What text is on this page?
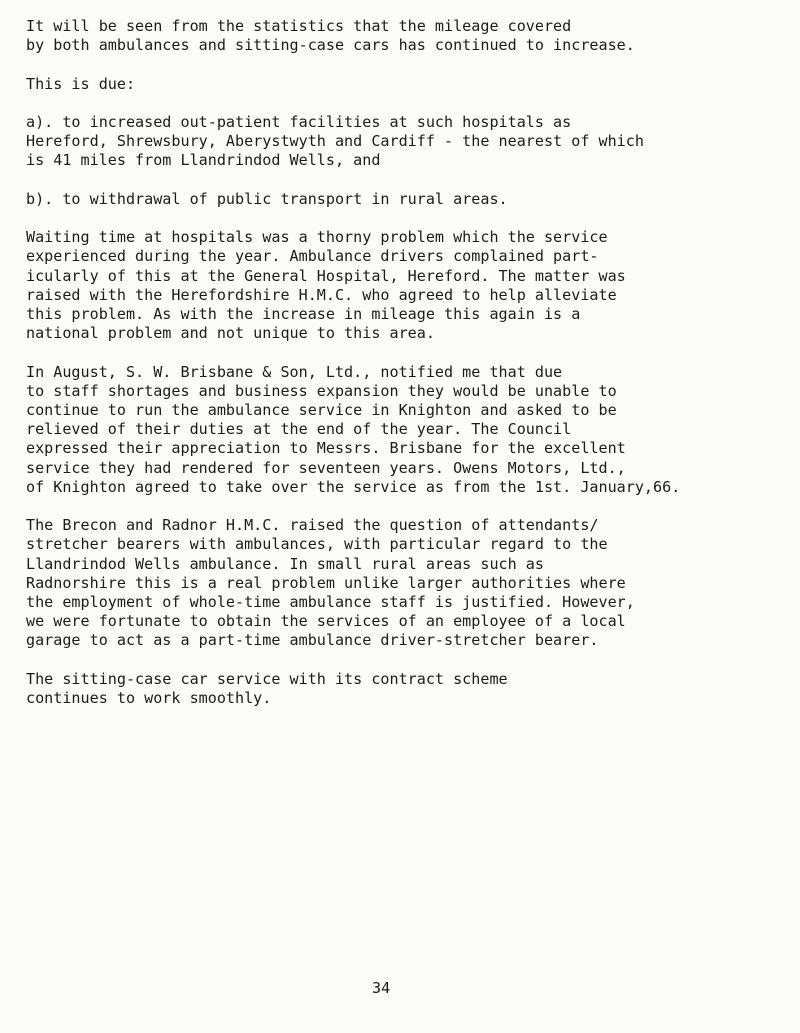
It will be seen from the statistics that the mileage covered
by both ambulances and sitting-case cars has continued to increase.

This is due:

a). to increased out-patient facilities at such hospitals as
Hereford, Shrewsbury, Aberystwyth and Cardiff - the nearest of which
is 41 miles from Llandrindod Wells, and

b). to withdrawal of public transport in rural areas.

Waiting time at hospitals was a thorny problem which the service
experienced during the year. Ambulance drivers complained part-
icularly of this at the General Hospital, Hereford. The matter was
raised with the Herefordshire H.M.C. who agreed to help alleviate
this problem. As with the increase in mileage this again is a
national problem and not unique to this area.

In August, S. W. Brisbane & Son, Ltd., notified me that due
to staff shortages and business expansion they would be unable to
continue to run the ambulance service in Knighton and asked to be
relieved of their duties at the end of the year. The Council
expressed their appreciation to Messrs. Brisbane for the excellent
service they had rendered for seventeen years. Owens Motors, Ltd.,
of Knighton agreed to take over the service as from the 1st. January,66.

The Brecon and Radnor H.M.C. raised the question of attendants/
stretcher bearers with ambulances, with particular regard to the
Llandrindod Wells ambulance. In small rural areas such as
Radnorshire this is a real problem unlike larger authorities where
the employment of whole-time ambulance staff is justified. However,
we were fortunate to obtain the services of an employee of a local
garage to act as a part-time ambulance driver-stretcher bearer.

The sitting-case car service with its contract scheme
continues to work smoothly.

34
